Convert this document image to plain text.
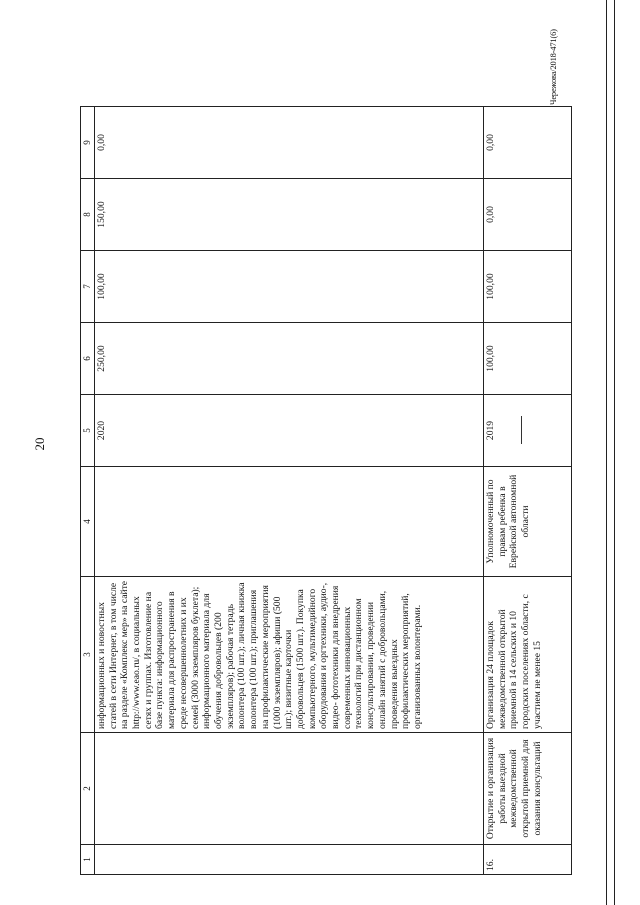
20
1	2	3	4	5	6	7	8	9
		информационных и новостных статей в сети Интернет, в том числе на разделе «Комплекс мер» на сайте http://www.eao.ru/, в социальных сетях и группах. Изготовление на базе пункта: информационного материала для распространения в среде несовершеннолетних и их семей (3000 экземпляров буклета); информационного материала для обучения добровольцев (200 экземпляров); рабочая тетрадь волонтера (100 шт.); личная книжка волонтера (100 шт.); приглашения на профилактические мероприятия (1000 экземпляров); афиши (500 шт.); визитные карточки добровольцев (1500 шт.). Покупка компьютерного, мультимедийного оборудования и оргтехники, аудио-, видео- фототехники для внедрения современных инновационных технологий при дистанционном консультировании, проведении онлайн занятий с добровольцами, проведения выездных профилактических мероприятий, организованных волонтерами.		2020	250,00	100,00	150,00	0,00
16.	Открытие и организация работы выездной межведомственной открытой приемной для оказания консультаций	Организация 24 площадок межведомственной открытой приемной в 14 сельских и 10 городских поселениях области, с участием не менее 15	Уполномоченный по правам ребенка в Еврейской автономной области	2019	100,00	100,00	0,00	0,00
Чережова/2018-471(6)
